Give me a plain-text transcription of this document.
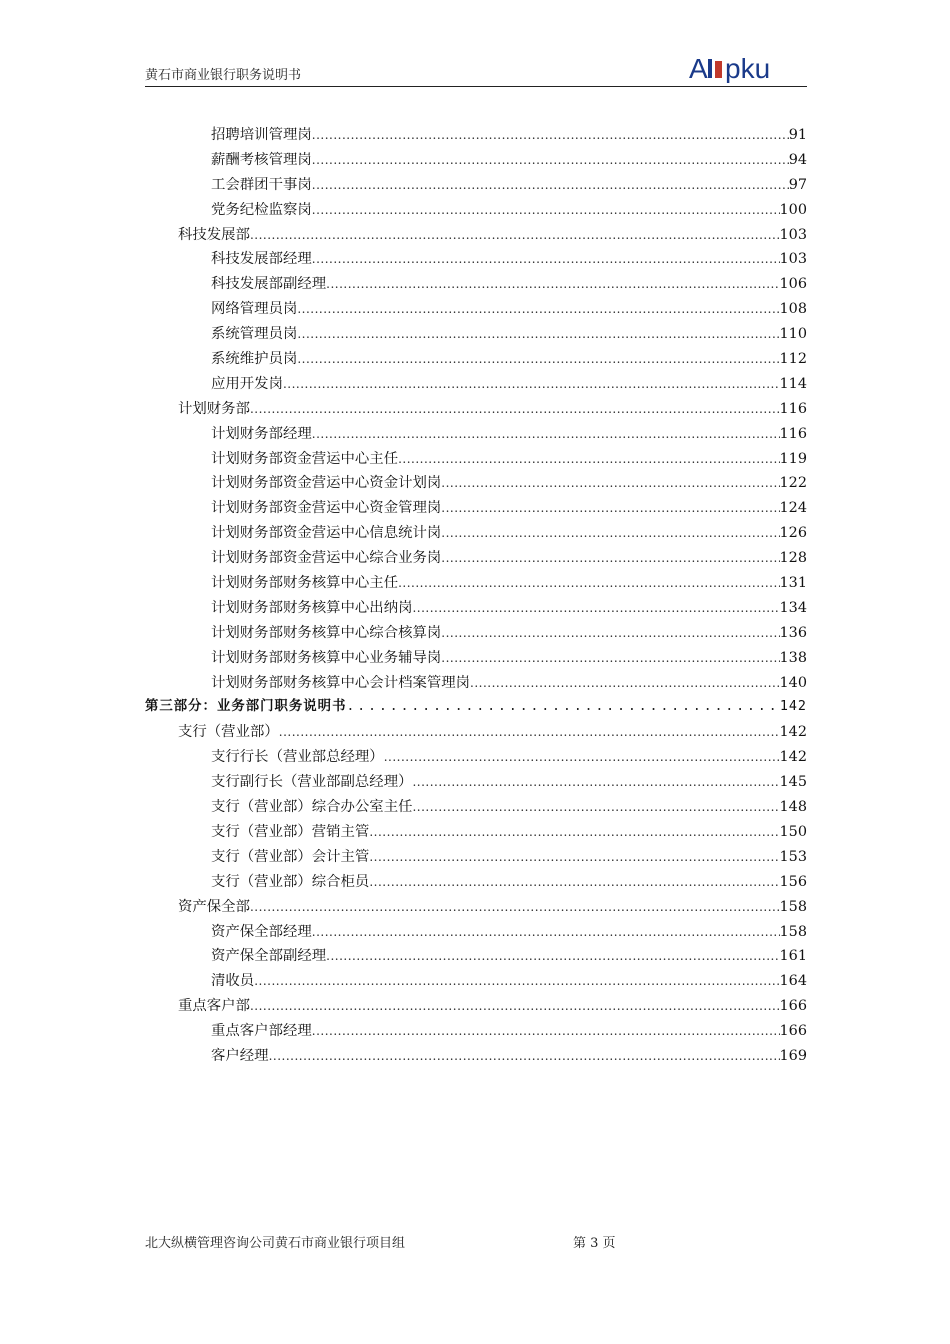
黄石市商业银行职务说明书	A pku
招聘培训管理岗 .....	91
薪酬考核管理岗 .....	94
工会群团干事岗 .....	97
党务纪检监察岗 .....	100
科技发展部 .....	103
科技发展部经理 .....	103
科技发展部副经理 .....	106
网络管理员岗 .....	108
系统管理员岗 .....	110
系统维护员岗 .....	112
应用开发岗 .....	114
计划财务部 .....	116
计划财务部经理 .....	116
计划财务部资金营运中心主任 .....	119
计划财务部资金营运中心资金计划岗 .....	122
计划财务部资金营运中心资金管理岗 .....	124
计划财务部资金营运中心信息统计岗 .....	126
计划财务部资金营运中心综合业务岗 .....	128
计划财务部财务核算中心主任 .....	131
计划财务部财务核算中心出纳岗 .....	134
计划财务部财务核算中心综合核算岗 .....	136
计划财务部财务核算中心业务辅导岗 .....	138
计划财务部财务核算中心会计档案管理岗 .....	140
第三部分：业务部门职务说明书 .....	142
支行（营业部） .....	142
支行行长（营业部总经理） .....	142
支行副行长（营业部副总经理） .....	145
支行（营业部）综合办公室主任 .....	148
支行（营业部）营销主管 .....	150
支行（营业部）会计主管 .....	153
支行（营业部）综合柜员 .....	156
资产保全部 .....	158
资产保全部经理 .....	158
资产保全部副经理 .....	161
清收员 .....	164
重点客户部 .....	166
重点客户部经理 .....	166
客户经理 .....	169
北大纵横管理咨询公司黄石市商业银行项目组	第 3 页
